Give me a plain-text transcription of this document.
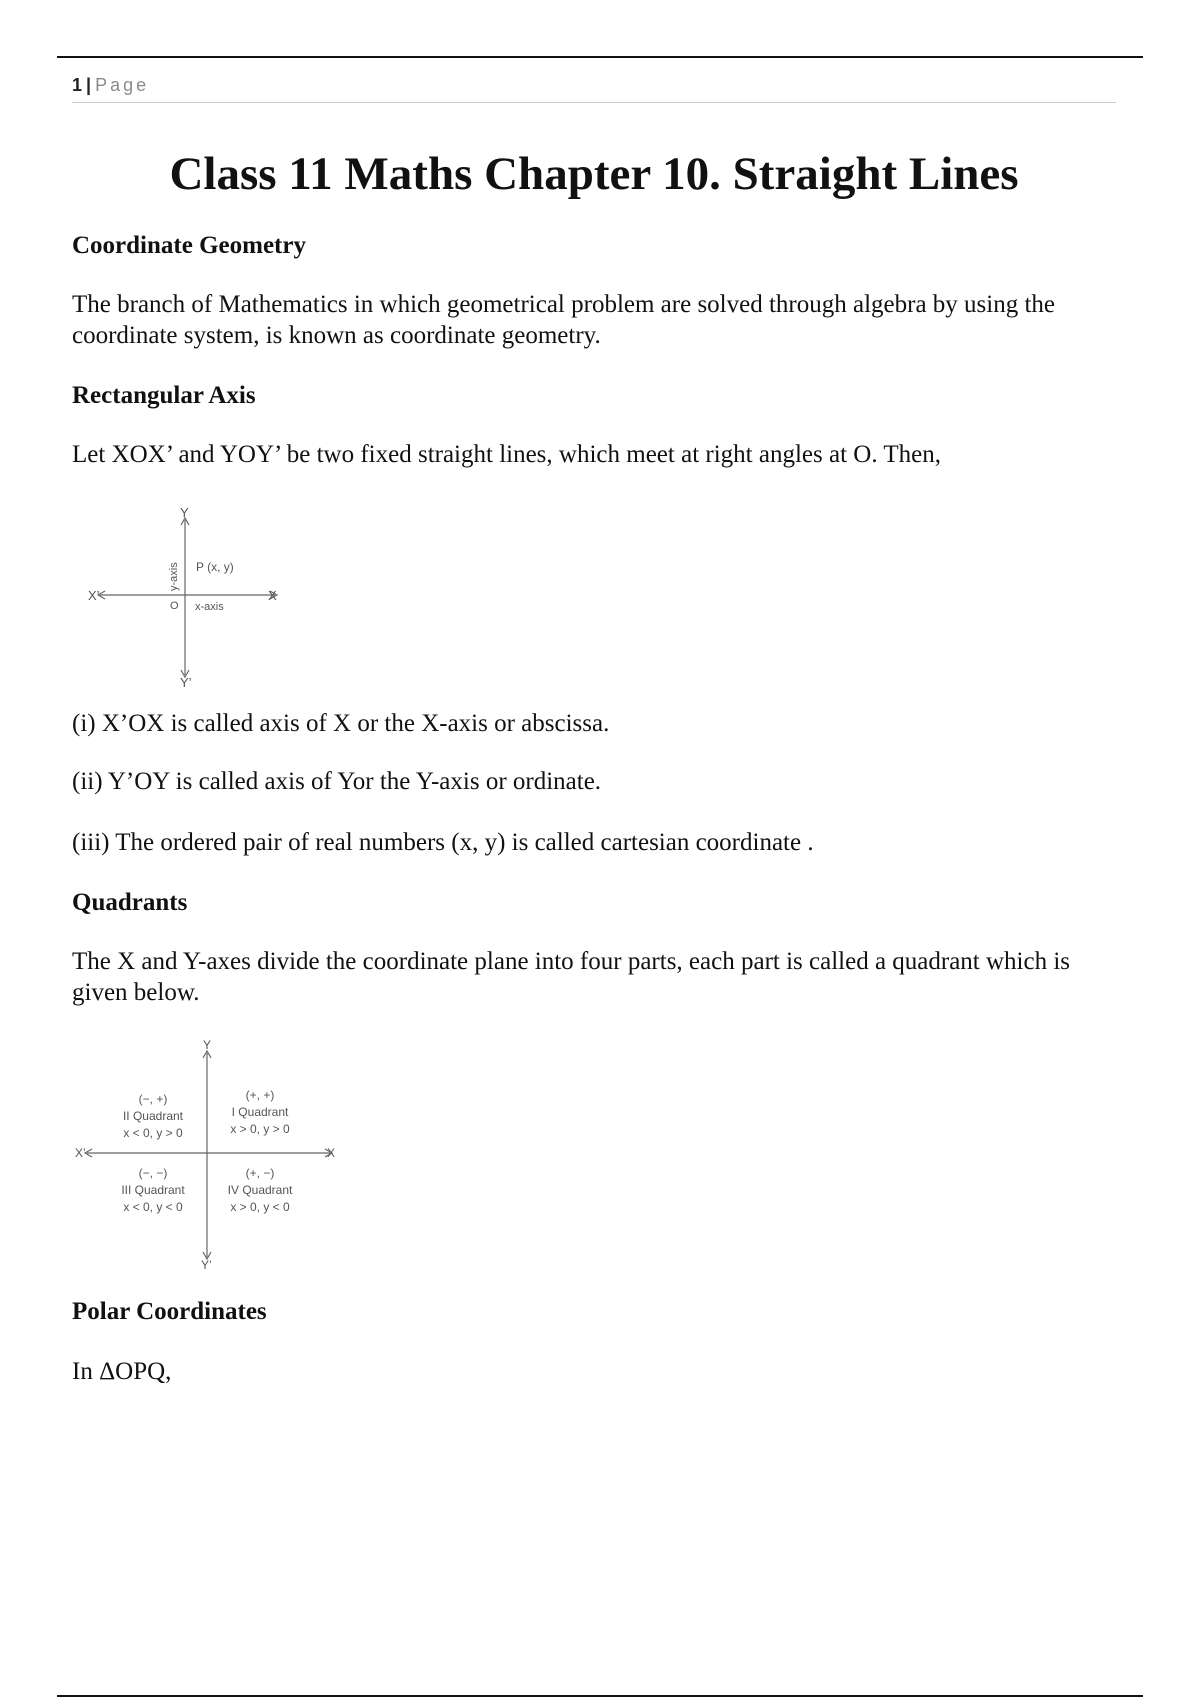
1 | Page
Class 11 Maths Chapter 10. Straight Lines
Coordinate Geometry

The branch of Mathematics in which geometrical problem are solved through algebra by using the coordinate system, is known as coordinate geometry.

Rectangular Axis

Let XOX’ and YOY’ be two fixed straight lines, which meet at right angles at O. Then,

Y
Y’
X’	X
O
y-axis
x-axis
P (x, y)

(i) X’OX is called axis of X or the X-axis or abscissa.

(ii) Y’OY is called axis of Yor the Y-axis or ordinate.

(iii) The ordered pair of real numbers (x, y) is called cartesian coordinate .

Quadrants

The X and Y-axes divide the coordinate plane into four parts, each part is called a quadrant which is given below.

Y
Y’
X’	X
(+, +)
I Quadrant
x > 0, y > 0
(−, +)
II Quadrant
x < 0, y > 0
(−, −)
III Quadrant
x < 0, y < 0
(+, −)
IV Quadrant
x > 0, y < 0
Polar Coordinates

In ΔOPQ,
